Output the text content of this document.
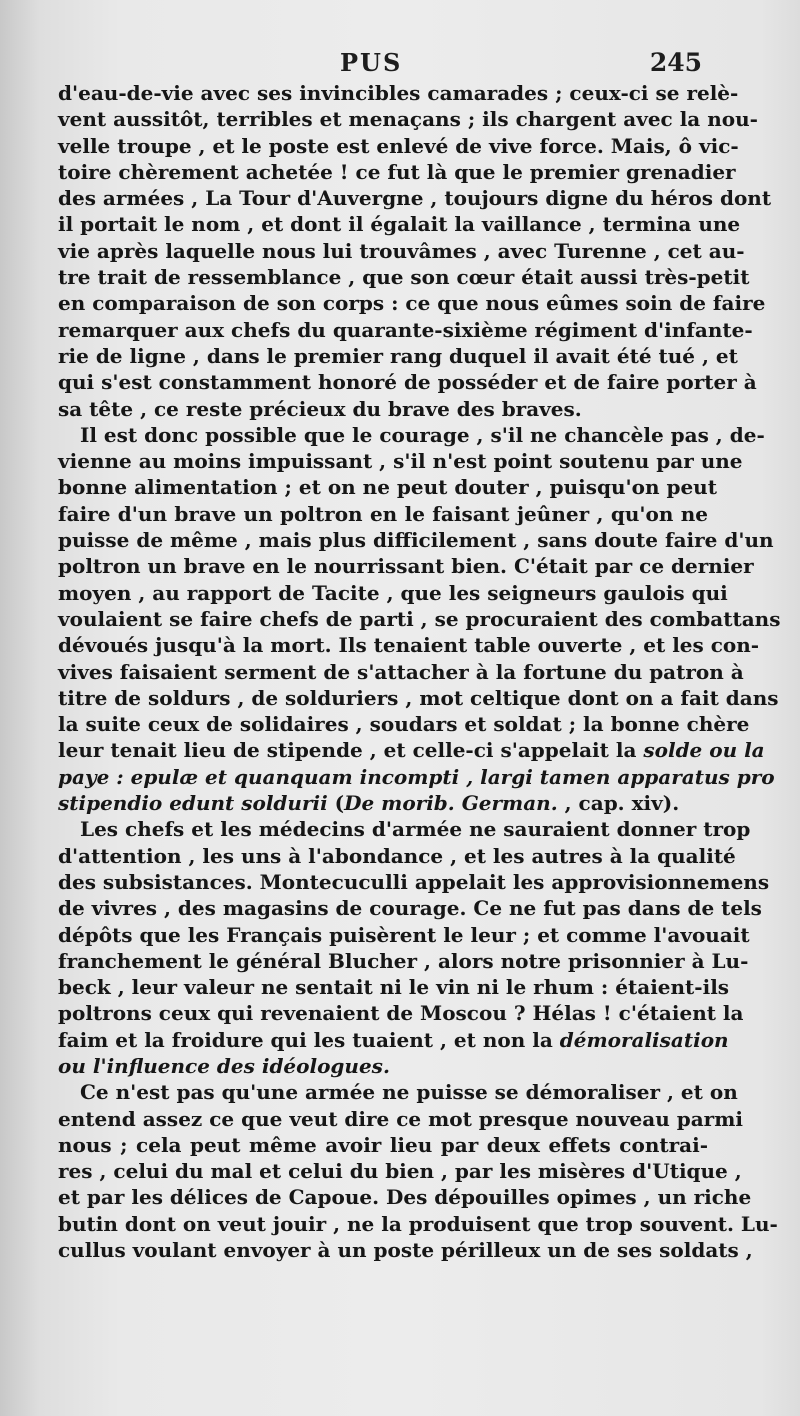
PUS	245
d'eau-de-vie avec ses invincibles camarades ; ceux-ci se relè-
vent aussitôt, terribles et menaçans ; ils chargent avec la nou-
velle troupe , et le poste est enlevé de vive force. Mais, ô vic-
toire chèrement achetée ! ce fut là que le premier grenadier
des armées , La Tour d'Auvergne , toujours digne du héros dont
il portait le nom , et dont il égalait la vaillance , termina une
vie après laquelle nous lui trouvâmes , avec Turenne , cet au-
tre trait de ressemblance , que son cœur était aussi très-petit
en comparaison de son corps : ce que nous eûmes soin de faire
remarquer aux chefs du quarante-sixième régiment d'infante-
rie de ligne , dans le premier rang duquel il avait été tué , et
qui s'est constamment honoré de posséder et de faire porter à
sa tête , ce reste précieux du brave des braves.
Il est donc possible que le courage , s'il ne chancèle pas , de-
vienne au moins impuissant , s'il n'est point soutenu par une
bonne alimentation ; et on ne peut douter , puisqu'on peut
faire d'un brave un poltron en le faisant jeûner , qu'on ne
puisse de même , mais plus difficilement , sans doute faire d'un
poltron un brave en le nourrissant bien. C'était par ce dernier
moyen , au rapport de Tacite , que les seigneurs gaulois qui
voulaient se faire chefs de parti , se procuraient des combattans
dévoués jusqu'à la mort. Ils tenaient table ouverte , et les con-
vives faisaient serment de s'attacher à la fortune du patron à
titre de soldurs , de solduriers , mot celtique dont on a fait dans
la suite ceux de solidaires , soudars et soldat ; la bonne chère
leur tenait lieu de stipende , et celle-ci s'appelait la solde ou la
paye : epulæ et quanquam incompti , largi tamen apparatus pro
stipendio edunt soldurii (De morib. German. , cap. xiv).
Les chefs et les médecins d'armée ne sauraient donner trop
d'attention , les uns à l'abondance , et les autres à la qualité
des subsistances. Montecuculli appelait les approvisionnemens
de vivres , des magasins de courage. Ce ne fut pas dans de tels
dépôts que les Français puisèrent le leur ; et comme l'avouait
franchement le général Blucher , alors notre prisonnier à Lu-
beck , leur valeur ne sentait ni le vin ni le rhum : étaient-ils
poltrons ceux qui revenaient de Moscou ? Hélas ! c'étaient la
faim et la froidure qui les tuaient , et non la démoralisation
ou l'influence des idéologues.
Ce n'est pas qu'une armée ne puisse se démoraliser , et on
entend assez ce que veut dire ce mot presque nouveau parmi
nous ; cela peut même avoir lieu par deux effets contrai-
res , celui du mal et celui du bien , par les misères d'Utique ,
et par les délices de Capoue. Des dépouilles opimes , un riche
butin dont on veut jouir , ne la produisent que trop souvent. Lu-
cullus voulant envoyer à un poste périlleux un de ses soldats ,
